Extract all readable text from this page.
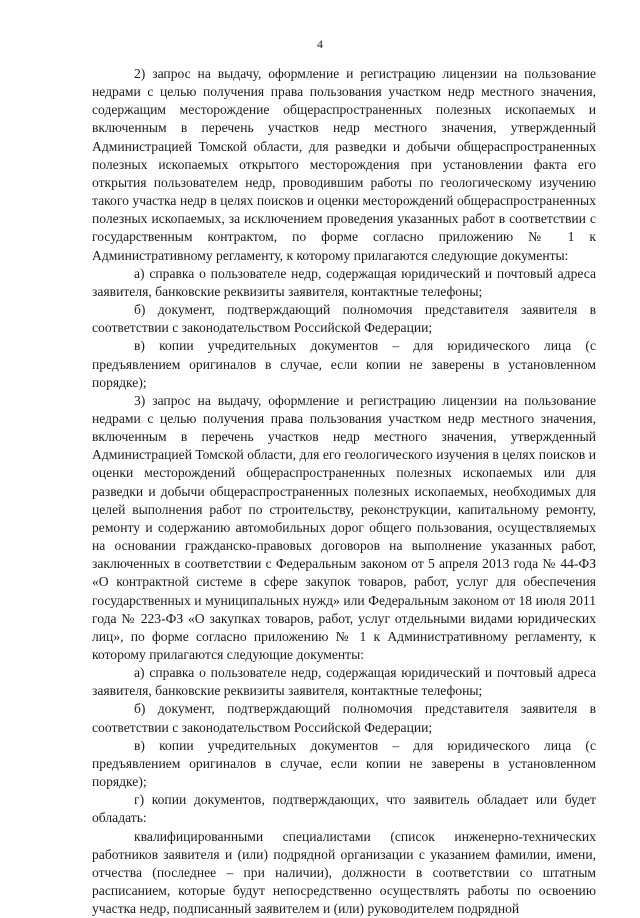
4

2) запрос на выдачу, оформление и регистрацию лицензии на пользование недрами с целью получения права пользования участком недр местного значения, содержащим месторождение общераспространенных полезных ископаемых и включенным в перечень участков недр местного значения, утвержденный Администрацией Томской области, для разведки и добычи общераспространенных полезных ископаемых открытого месторождения при установлении факта его открытия пользователем недр, проводившим работы по геологическому изучению такого участка недр в целях поисков и оценки месторождений общераспространенных полезных ископаемых, за исключением проведения указанных работ в соответствии с государственным контрактом, по форме согласно приложению № 1 к Административному регламенту, к которому прилагаются следующие документы:

а) справка о пользователе недр, содержащая юридический и почтовый адреса заявителя, банковские реквизиты заявителя, контактные телефоны;

б) документ, подтверждающий полномочия представителя заявителя в соответствии с законодательством Российской Федерации;

в) копии учредительных документов – для юридического лица (с предъявлением оригиналов в случае, если копии не заверены в установленном порядке);

3) запрос на выдачу, оформление и регистрацию лицензии на пользование недрами с целью получения права пользования участком недр местного значения, включенным в перечень участков недр местного значения, утвержденный Администрацией Томской области, для его геологического изучения в целях поисков и оценки месторождений общераспространенных полезных ископаемых или для разведки и добычи общераспространенных полезных ископаемых, необходимых для целей выполнения работ по строительству, реконструкции, капитальному ремонту, ремонту и содержанию автомобильных дорог общего пользования, осуществляемых на основании гражданско-правовых договоров на выполнение указанных работ, заключенных в соответствии с Федеральным законом от 5 апреля 2013 года № 44-ФЗ «О контрактной системе в сфере закупок товаров, работ, услуг для обеспечения государственных и муниципальных нужд» или Федеральным законом от 18 июля 2011 года № 223-ФЗ «О закупках товаров, работ, услуг отдельными видами юридических лиц», по форме согласно приложению № 1 к Административному регламенту, к которому прилагаются следующие документы:

а) справка о пользователе недр, содержащая юридический и почтовый адреса заявителя, банковские реквизиты заявителя, контактные телефоны;

б) документ, подтверждающий полномочия представителя заявителя в соответствии с законодательством Российской Федерации;

в) копии учредительных документов – для юридического лица (с предъявлением оригиналов в случае, если копии не заверены в установленном порядке);

г) копии документов, подтверждающих, что заявитель обладает или будет обладать:

квалифицированными специалистами (список инженерно-технических работников заявителя и (или) подрядной организации с указанием фамилии, имени, отчества (последнее – при наличии), должности в соответствии со штатным расписанием, которые будут непосредственно осуществлять работы по освоению участка недр, подписанный заявителем и (или) руководителем подрядной
